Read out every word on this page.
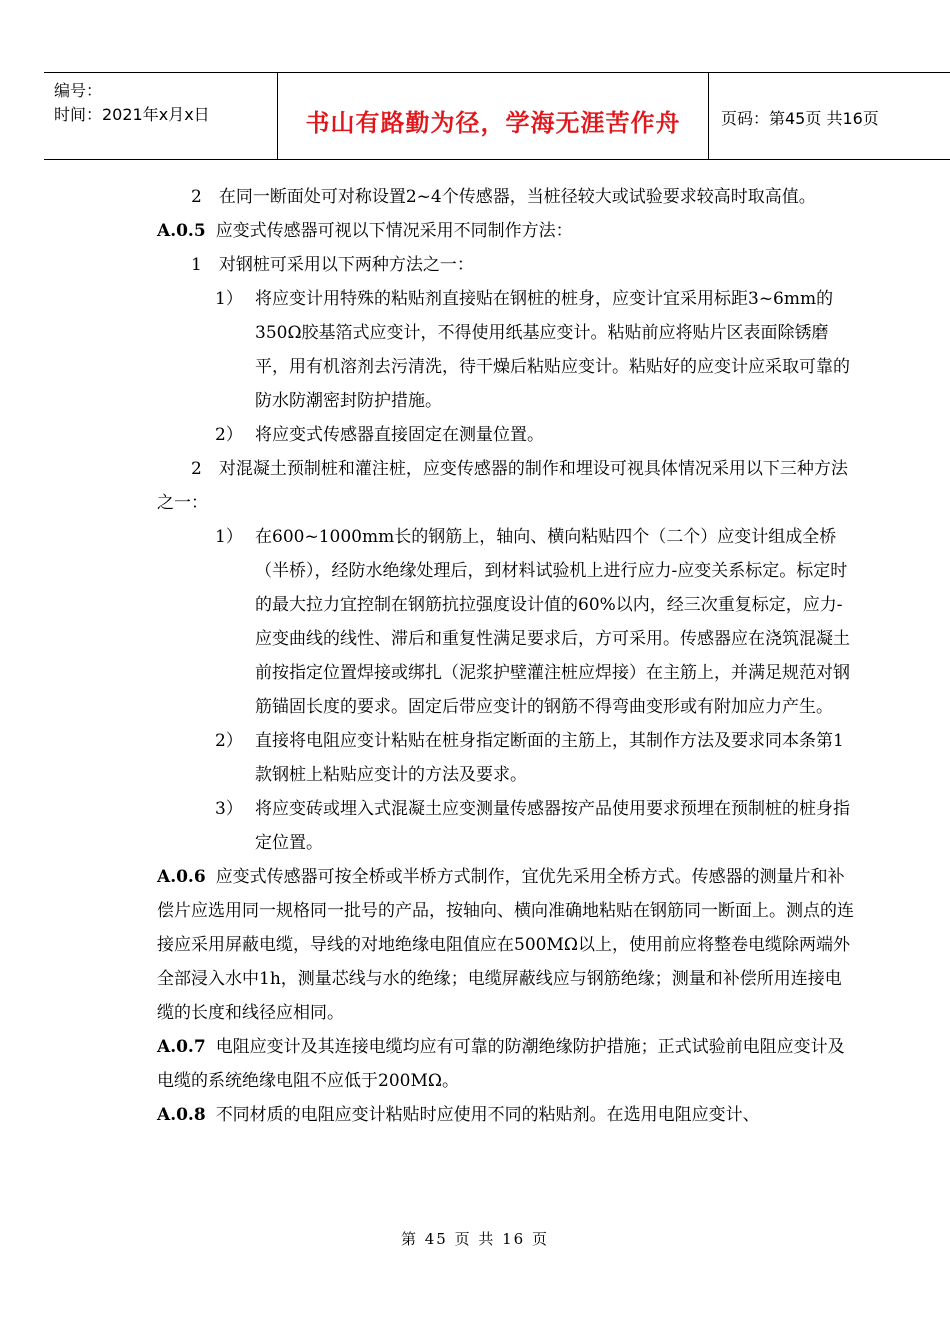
编号：
时间：2021年x月x日	书山有路勤为径，学海无涯苦作舟	页码：第45页 共16页

2　在同一断面处可对称设置2~4个传感器，当桩径较大或试验要求较高时取高值。

A.0.5 应变式传感器可视以下情况采用不同制作方法：

1　对钢桩可采用以下两种方法之一：

1） 将应变计用特殊的粘贴剂直接贴在钢桩的桩身，应变计宜采用标距3~6mm的350Ω胶基箔式应变计，不得使用纸基应变计。粘贴前应将贴片区表面除锈磨平，用有机溶剂去污清洗，待干燥后粘贴应变计。粘贴好的应变计应采取可靠的防水防潮密封防护措施。
2） 将应变式传感器直接固定在测量位置。

2　对混凝土预制桩和灌注桩，应变传感器的制作和埋设可视具体情况采用以下三种方法之一：

1） 在600~1000mm长的钢筋上，轴向、横向粘贴四个（二个）应变计组成全桥（半桥），经防水绝缘处理后，到材料试验机上进行应力-应变关系标定。标定时的最大拉力宜控制在钢筋抗拉强度设计值的60%以内，经三次重复标定，应力-应变曲线的线性、滞后和重复性满足要求后，方可采用。传感器应在浇筑混凝土前按指定位置焊接或绑扎（泥浆护壁灌注桩应焊接）在主筋上，并满足规范对钢筋锚固长度的要求。固定后带应变计的钢筋不得弯曲变形或有附加应力产生。
2） 直接将电阻应变计粘贴在桩身指定断面的主筋上，其制作方法及要求同本条第1款钢桩上粘贴应变计的方法及要求。
3） 将应变砖或埋入式混凝土应变测量传感器按产品使用要求预埋在预制桩的桩身指定位置。

A.0.6 应变式传感器可按全桥或半桥方式制作，宜优先采用全桥方式。传感器的测量片和补偿片应选用同一规格同一批号的产品，按轴向、横向准确地粘贴在钢筋同一断面上。测点的连接应采用屏蔽电缆，导线的对地绝缘电阻值应在500MΩ以上，使用前应将整卷电缆除两端外全部浸入水中1h，测量芯线与水的绝缘；电缆屏蔽线应与钢筋绝缘；测量和补偿所用连接电缆的长度和线径应相同。

A.0.7 电阻应变计及其连接电缆均应有可靠的防潮绝缘防护措施；正式试验前电阻应变计及电缆的系统绝缘电阻不应低于200MΩ。

A.0.8 不同材质的电阻应变计粘贴时应使用不同的粘贴剂。在选用电阻应变计、

第 45 页 共 16 页
